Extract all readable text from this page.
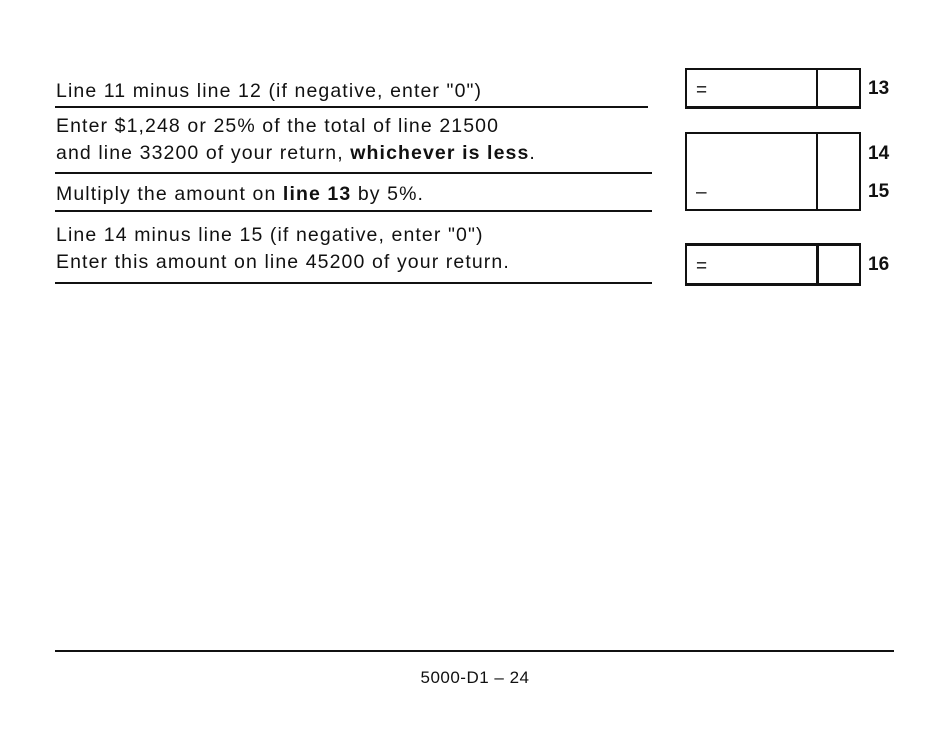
Line 11 minus line 12 (if negative, enter "0")	=	13
Enter $1,248 or 25% of the total of line 21500
and line 33200 of your return, whichever is less.	14
Multiply the amount on line 13 by 5%.	–	15
Line 14 minus line 15 (if negative, enter "0")
Enter this amount on line 45200 of your return.	=	16
5000-D1 – 24
